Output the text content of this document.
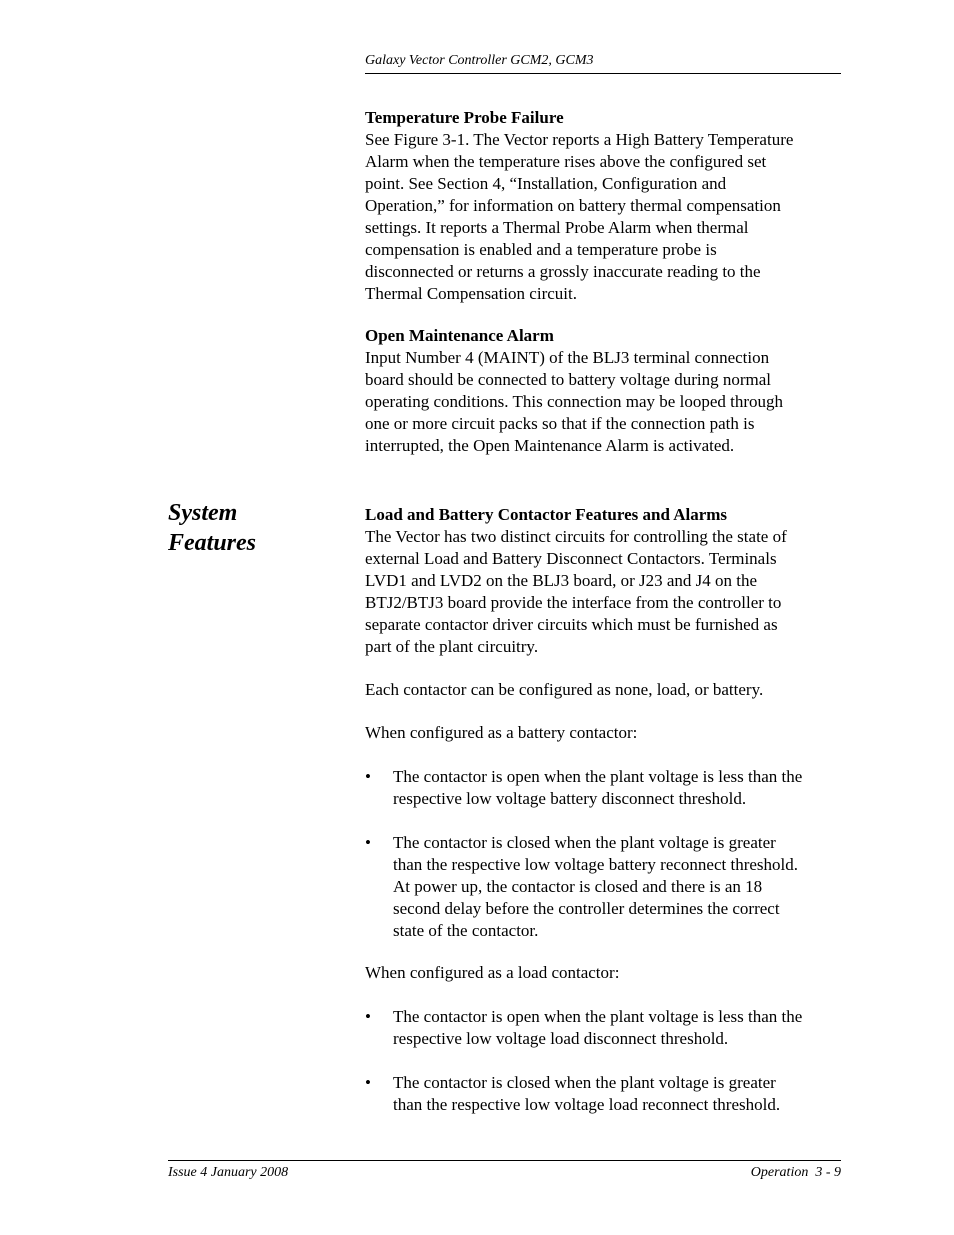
Galaxy Vector Controller GCM2, GCM3
System
Features
Temperature Probe Failure
See Figure 3-1. The Vector reports a High Battery Temperature
Alarm when the temperature rises above the configured set
point. See Section 4, “Installation, Configuration and
Operation,” for information on battery thermal compensation
settings. It reports a Thermal Probe Alarm when thermal
compensation is enabled and a temperature probe is
disconnected or returns a grossly inaccurate reading to the
Thermal Compensation circuit.
Open Maintenance Alarm
Input Number 4 (MAINT) of the BLJ3 terminal connection
board should be connected to battery voltage during normal
operating conditions. This connection may be looped through
one or more circuit packs so that if the connection path is
interrupted, the Open Maintenance Alarm is activated.
Load and Battery Contactor Features and Alarms
The Vector has two distinct circuits for controlling the state of
external Load and Battery Disconnect Contactors. Terminals
LVD1 and LVD2 on the BLJ3 board, or J23 and J4 on the
BTJ2/BTJ3 board provide the interface from the controller to
separate contactor driver circuits which must be furnished as
part of the plant circuitry.
Each contactor can be configured as none, load, or battery.
When configured as a battery contactor:
• The contactor is open when the plant voltage is less than the
respective low voltage battery disconnect threshold.
• The contactor is closed when the plant voltage is greater
than the respective low voltage battery reconnect threshold.
At power up, the contactor is closed and there is an 18
second delay before the controller determines the correct
state of the contactor.
When configured as a load contactor:
• The contactor is open when the plant voltage is less than the
respective low voltage load disconnect threshold.
• The contactor is closed when the plant voltage is greater
than the respective low voltage load reconnect threshold.
Issue 4 January 2008	Operation  3 - 9
